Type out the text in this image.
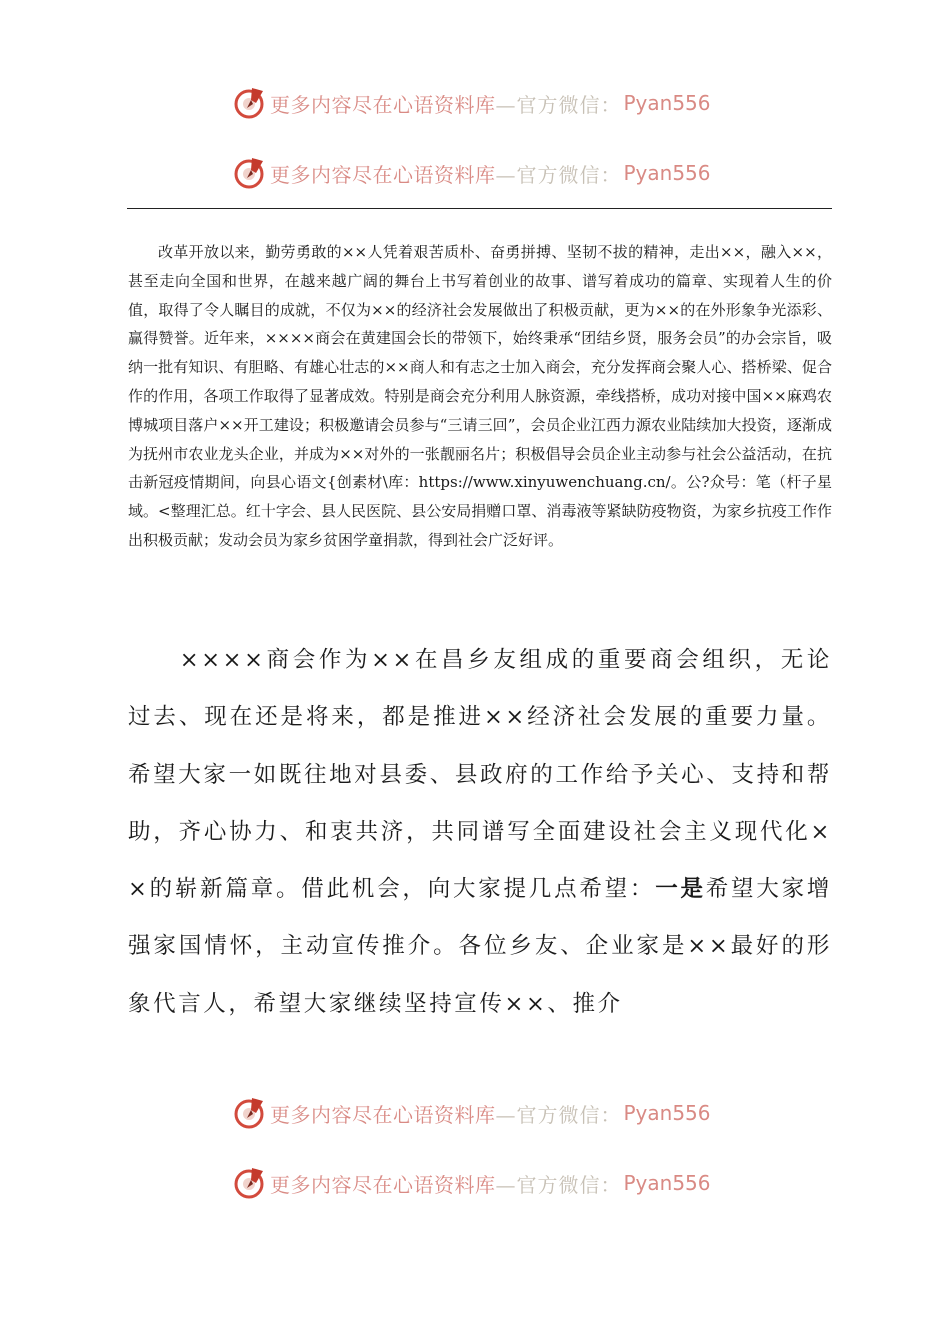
更多内容尽在心语资料库 —官方微信： Pyan556
更多内容尽在心语资料库 —官方微信： Pyan556

改革开放以来，勤劳勇敢的××人凭着艰苦质朴、奋勇拼搏、坚韧不拔的精神，走出××，融入××，甚至走向全国和世界，在越来越广阔的舞台上书写着创业的故事、谱写着成功的篇章、实现着人生的价值，取得了令人瞩目的成就，不仅为××的经济社会发展做出了积极贡献，更为××的在外形象争光添彩、赢得赞誉。近年来，××××商会在黄建国会长的带领下，始终秉承“团结乡贤，服务会员”的办会宗旨，吸纳一批有知识、有胆略、有雄心壮志的××商人和有志之士加入商会，充分发挥商会聚人心、搭桥梁、促合作的作用，各项工作取得了显著成效。特别是商会充分利用人脉资源，牵线搭桥，成功对接中国××麻鸡农博城项目落户××开工建设；积极邀请会员参与“三请三回”，会员企业江西力源农业陆续加大投资，逐渐成为抚州市农业龙头企业，并成为××对外的一张靓丽名片；积极倡导会员企业主动参与社会公益活动，在抗击新冠疫情期间，向县心语文{创素材\库：https://www.xinyuwenchuang.cn/。公?众号：笔（杆子星域。<整理汇总。红十字会、县人民医院、县公安局捐赠口罩、消毒液等紧缺防疫物资，为家乡抗疫工作作出积极贡献；发动会员为家乡贫困学童捐款，得到社会广泛好评。

××××商会作为××在昌乡友组成的重要商会组织，无论过去、现在还是将来，都是推进××经济社会发展的重要力量。希望大家一如既往地对县委、县政府的工作给予关心、支持和帮助，齐心协力、和衷共济，共同谱写全面建设社会主义现代化××的崭新篇章。借此机会，向大家提几点希望：一是希望大家增强家国情怀，主动宣传推介。各位乡友、企业家是××最好的形象代言人，希望大家继续坚持宣传××、推介

更多内容尽在心语资料库 —官方微信： Pyan556
更多内容尽在心语资料库 —官方微信： Pyan556
